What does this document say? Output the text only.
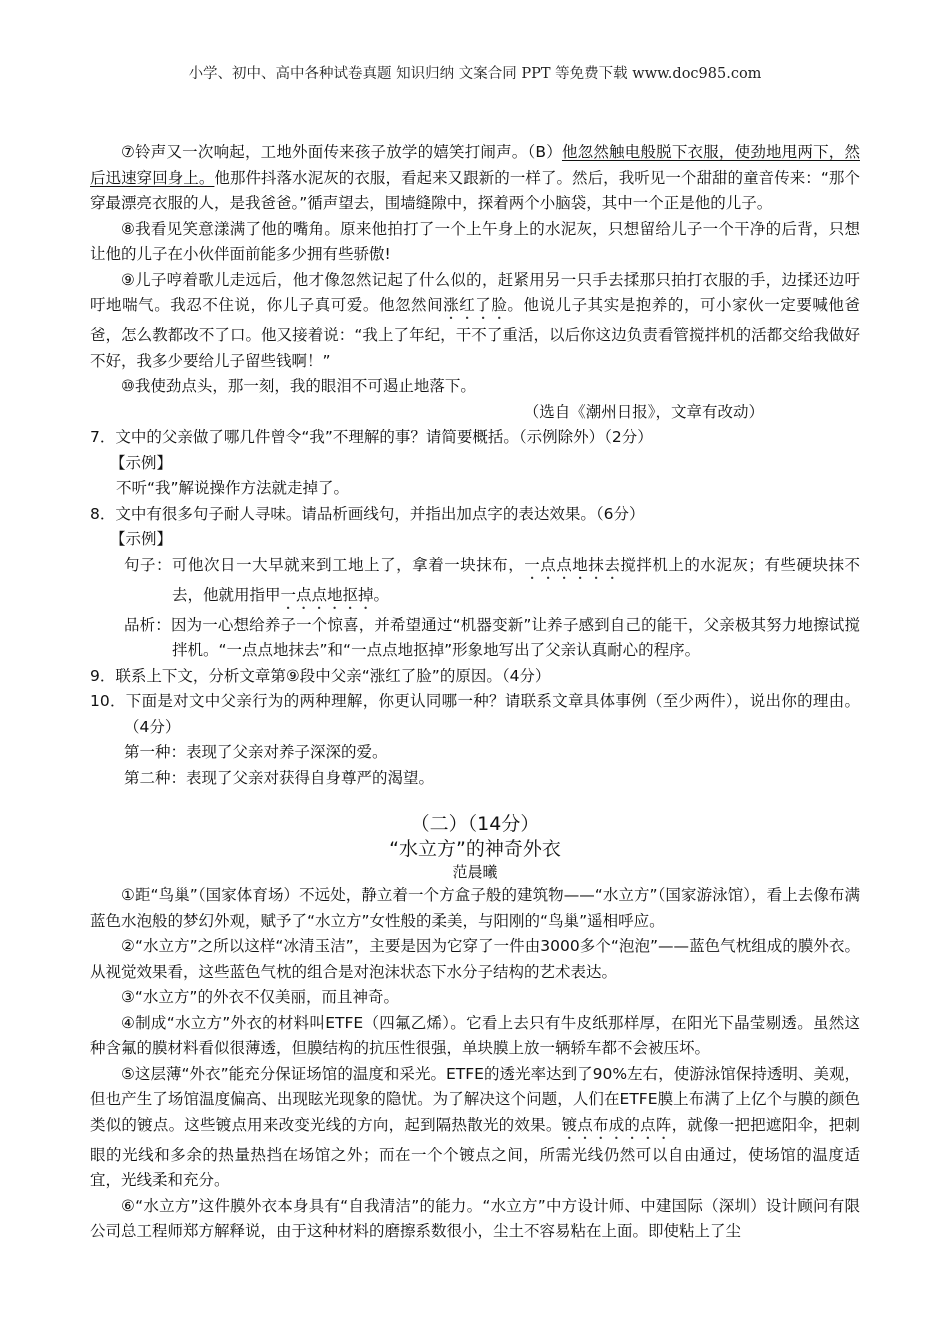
小学、初中、高中各种试卷真题 知识归纳 文案合同 PPT 等免费下载 www.doc985.com

⑦铃声又一次响起，工地外面传来孩子放学的嬉笑打闹声。（B）他忽然触电般脱下衣服，使劲地甩两下，然后迅速穿回身上。他那件抖落水泥灰的衣服，看起来又跟新的一样了。然后，我听见一个甜甜的童音传来：“那个穿最漂亮衣服的人，是我爸爸。”循声望去，围墙缝隙中，探着两个小脑袋，其中一个正是他的儿子。

⑧我看见笑意漾满了他的嘴角。原来他拍打了一个上午身上的水泥灰，只想留给儿子一个干净的后背，只想让他的儿子在小伙伴面前能多少拥有些骄傲!

⑨儿子哼着歌儿走远后，他才像忽然记起了什么似的，赶紧用另一只手去揉那只拍打衣服的手，边揉还边吁吁地喘气。我忍不住说，你儿子真可爱。他忽然间涨红了脸。他说儿子其实是抱养的，可小家伙一定要喊他爸爸，怎么教都改不了口。他又接着说：“我上了年纪，干不了重活，以后你这边负责看管搅拌机的活都交给我做好不好，我多少要给儿子留些钱啊！”

⑩我使劲点头，那一刻，我的眼泪不可遏止地落下。

（选自《潮州日报》，文章有改动）

7．文中的父亲做了哪几件曾令“我”不理解的事？请简要概括。（示例除外）（2分）

【示例】

不听“我”解说操作方法就走掉了。

8．文中有很多句子耐人寻味。请品析画线句，并指出加点字的表达效果。（6分）

【示例】

句子：可他次日一大早就来到工地上了，拿着一块抹布，一点点地抹去搅拌机上的水泥灰；有些硬块抹不去，他就用指甲一点点地抠掉。

品析：因为一心想给养子一个惊喜，并希望通过“机器变新”让养子感到自己的能干，父亲极其努力地擦试搅拌机。“一点点地抹去”和“一点点地抠掉”形象地写出了父亲认真耐心的程序。

9．联系上下文，分析文章第⑨段中父亲“涨红了脸”的原因。（4分）

10．下面是对文中父亲行为的两种理解，你更认同哪一种？请联系文章具体事例（至少两件），说出你的理由。（4分）

第一种：表现了父亲对养子深深的爱。

第二种：表现了父亲对获得自身尊严的渴望。

（二）（14分）

“水立方”的神奇外衣

范晨曦

①距“鸟巢”（国家体育场）不远处，静立着一个方盒子般的建筑物——“水立方”（国家游泳馆），看上去像布满蓝色水泡般的梦幻外观，赋予了“水立方”女性般的柔美，与阳刚的“鸟巢”遥相呼应。

②“水立方”之所以这样“冰清玉洁”，主要是因为它穿了一件由3000多个“泡泡”——蓝色气枕组成的膜外衣。从视觉效果看，这些蓝色气枕的组合是对泡沫状态下水分子结构的艺术表达。

③“水立方”的外衣不仅美丽，而且神奇。

④制成“水立方”外衣的材料叫ETFE（四氟乙烯）。它看上去只有牛皮纸那样厚，在阳光下晶莹剔透。虽然这种含氟的膜材料看似很薄透，但膜结构的抗压性很强，单块膜上放一辆轿车都不会被压坏。

⑤这层薄“外衣”能充分保证场馆的温度和采光。ETFE的透光率达到了90%左右，使游泳馆保持透明、美观，但也产生了场馆温度偏高、出现眩光现象的隐忧。为了解决这个问题，人们在ETFE膜上布满了上亿个与膜的颜色类似的镀点。这些镀点用来改变光线的方向，起到隔热散光的效果。镀点布成的点阵，就像一把把遮阳伞，把刺眼的光线和多余的热量热挡在场馆之外；而在一个个镀点之间，所需光线仍然可以自由通过，使场馆的温度适宜，光线柔和充分。

⑥“水立方”这件膜外衣本身具有“自我清洁”的能力。“水立方”中方设计师、中建国际（深圳）设计顾问有限公司总工程师郑方解释说，由于这种材料的磨擦系数很小，尘土不容易粘在上面。即使粘上了尘
